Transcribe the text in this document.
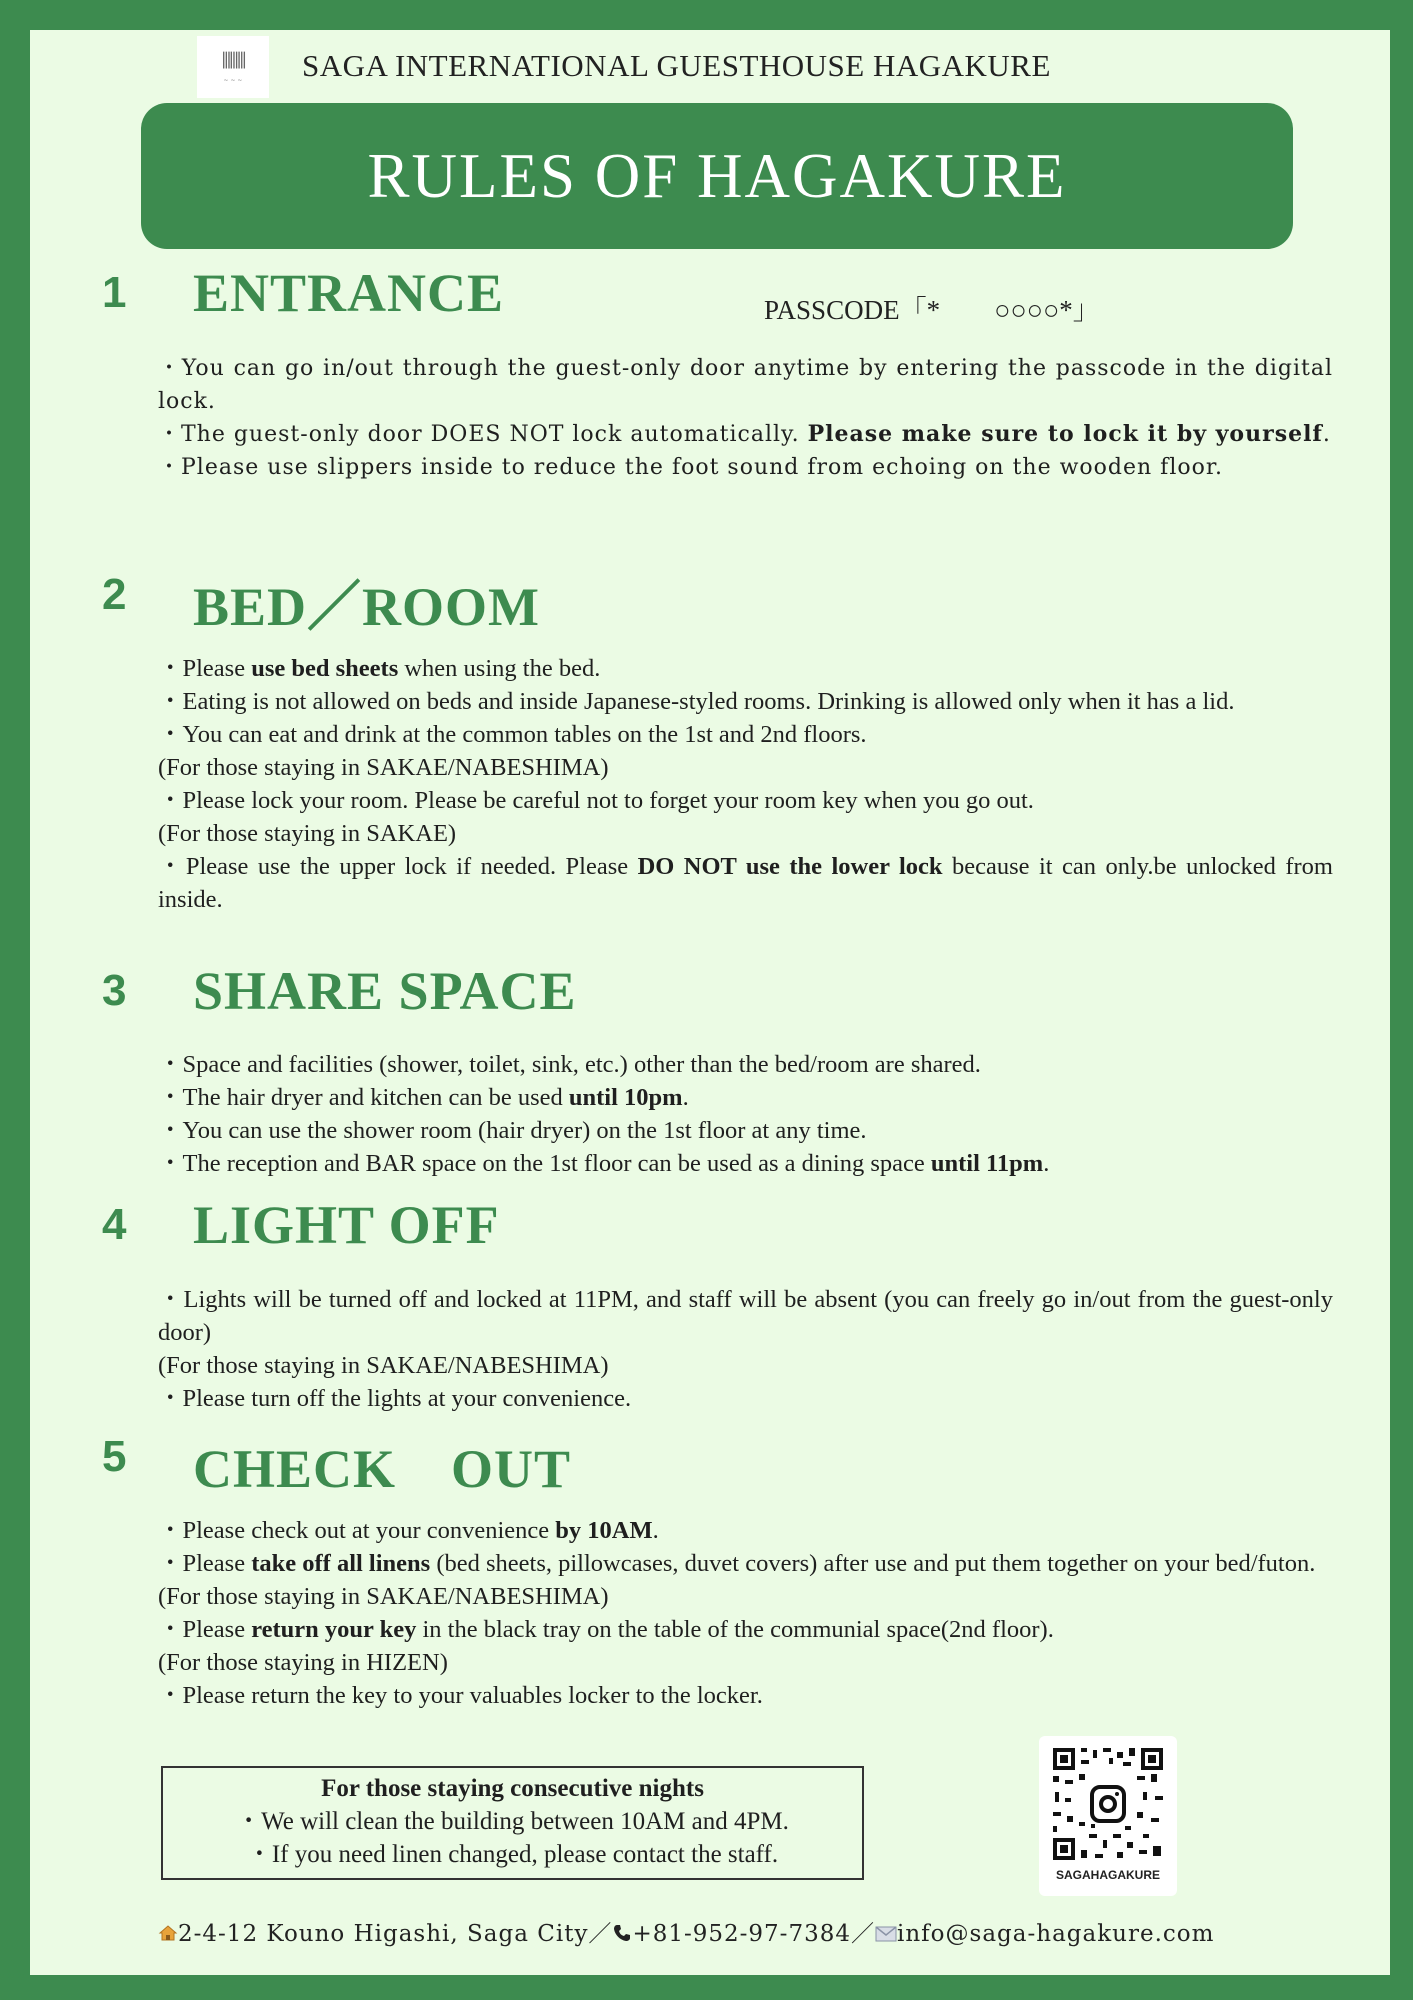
⦀⦀⦀
~ ~ ~ SAGA INTERNATIONAL GUESTHOUSE HAGAKURE
RULES OF HAGAKURE
1 ENTRANCE	PASSCODE「*　　○○○○*」

・You can go in/out through the guest-only door anytime by entering the passcode in the digital lock.

・The guest-only door DOES NOT lock automatically. Please make sure to lock it by yourself.

・Please use slippers inside to reduce the foot sound from echoing on the wooden floor.

2 BED／ROOM

・Please use bed sheets when using the bed.

・Eating is not allowed on beds and inside Japanese-styled rooms. Drinking is allowed only when it has a lid.

・You can eat and drink at the common tables on the 1st and 2nd floors.

(For those staying in SAKAE/NABESHIMA)

・Please lock your room. Please be careful not to forget your room key when you go out.

(For those staying in SAKAE)

・Please use the upper lock if needed. Please DO NOT use the lower lock because it can only.be unlocked from inside.

3 SHARE SPACE

・Space and facilities (shower, toilet, sink, etc.) other than the bed/room are shared.

・The hair dryer and kitchen can be used until 10pm.

・You can use the shower room (hair dryer) on the 1st floor at any time.

・The reception and BAR space on the 1st floor can be used as a dining space until 11pm.

4 LIGHT OFF

・Lights will be turned off and locked at 11PM, and staff will be absent (you can freely go in/out from the guest-only door)

(For those staying in SAKAE/NABESHIMA)

・Please turn off the lights at your convenience.

5 CHECK　OUT

・Please check out at your convenience by 10AM.

・Please take off all linens (bed sheets, pillowcases, duvet covers) after use and put them together on your bed/futon.

(For those staying in SAKAE/NABESHIMA)

・Please return your key in the black tray on the table of the communial space(2nd floor).

(For those staying in HIZEN)

・Please return the key to your valuables locker to the locker.

For those staying consecutive nights

・We will clean the building between 10AM and 4PM.

・If you need linen changed, please contact the staff.

SAGAHAGAKURE
2-4-12 Kouno Higashi, Saga City／ +81-952-97-7384／ info@saga-hagakure.com
